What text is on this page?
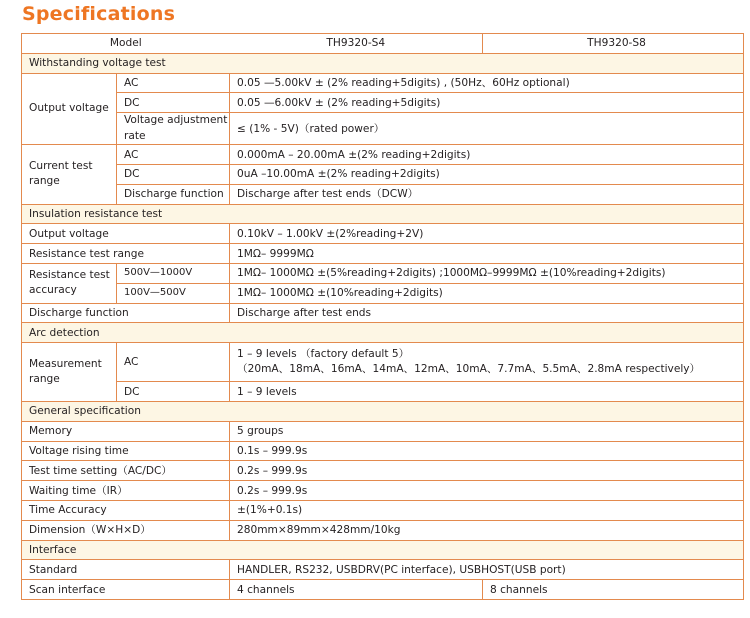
Specifications
Model TH9320-S4			TH9320-S8
Withstanding voltage test			
Output voltage	AC	0.05 —5.00kV ± (2% reading+5digits) , (50Hz、60Hz optional)	
	DC	0.05 —6.00kV ± (2% reading+5digits)	
	Voltage adjustment rate	≤ (1% - 5V)（rated power）	
Current test range	AC	0.000mA – 20.00mA ±(2% reading+2digits)	
	DC	0uA –10.00mA ±(2% reading+2digits)	
	Discharge function	Discharge after test ends（DCW）	
Insulation resistance test			
Output voltage		0.10kV – 1.00kV ±(2%reading+2V)	
Resistance test range		1MΩ– 9999MΩ	
Resistance test accuracy	500V—1000V	1MΩ– 1000MΩ ±(5%reading+2digits) ;1000MΩ–9999MΩ ±(10%reading+2digits)	
	100V—500V	1MΩ– 1000MΩ ±(10%reading+2digits)	
Discharge function		Discharge after test ends	
Arc detection			
Measurement range	AC	1 – 9 levels （factory default 5）
（20mA、18mA、16mA、14mA、12mA、10mA、7.7mA、5.5mA、2.8mA respectively）	

	DC	1 – 9 levels	
General specification			
Memory		5 groups	
Voltage rising time		0.1s – 999.9s	
Test time setting（AC/DC）		0.2s – 999.9s	
Waiting time（IR）		0.2s – 999.9s	
Time Accuracy		±(1%+0.1s)	
Dimension（W×H×D）		280mm×89mm×428mm/10kg	
Interface			
Standard		HANDLER, RS232, USBDRV(PC interface), USBHOST(USB port)	
Scan interface		4 channels	8 channels
